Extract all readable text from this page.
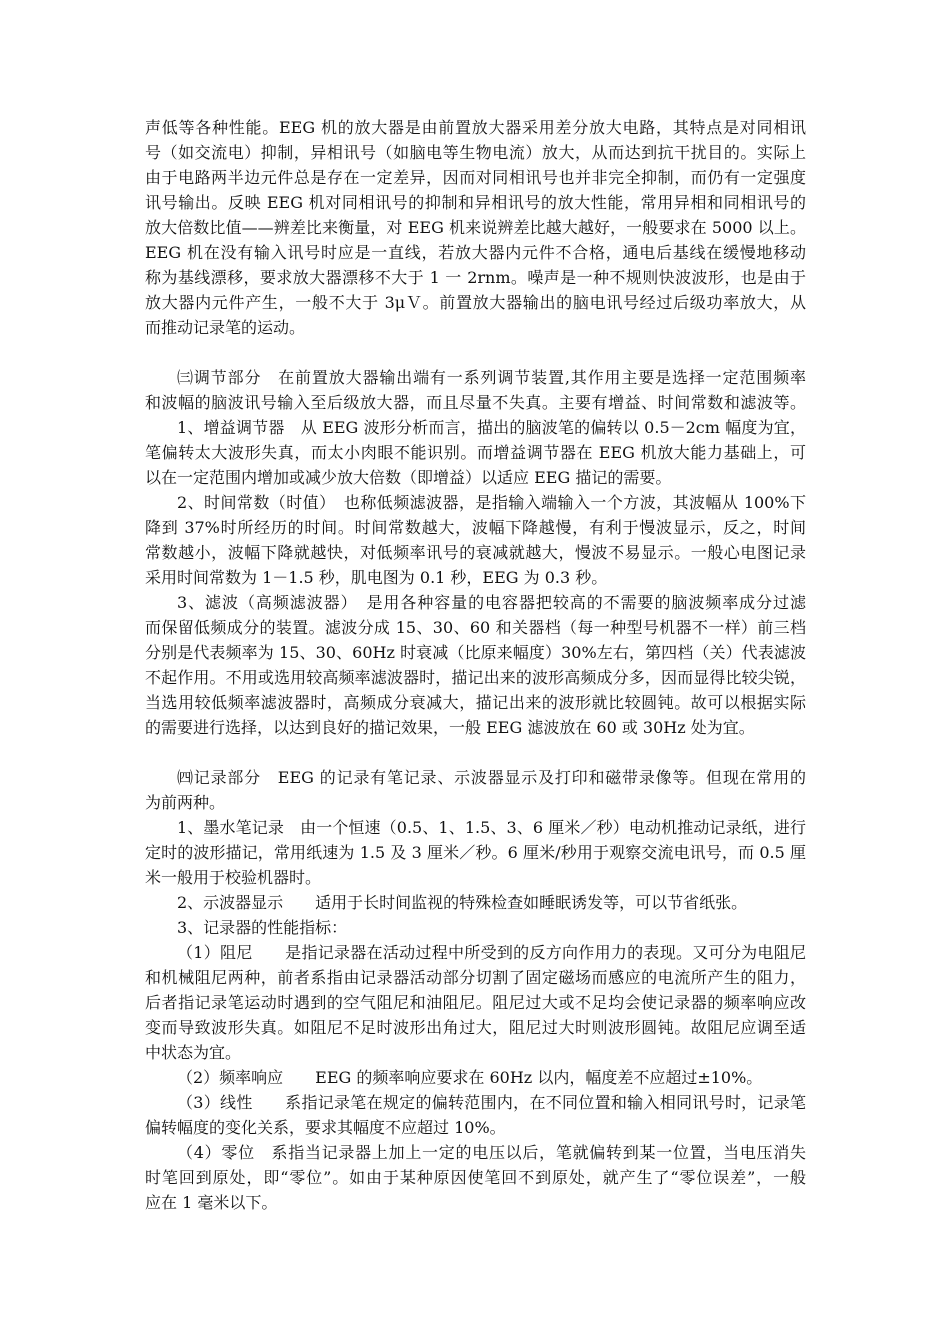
声低等各种性能。EEG 机的放大器是由前置放大器采用差分放大电路，其特点是对同相讯
号（如交流电）抑制，异相讯号（如脑电等生物电流）放大，从而达到抗干扰目的。实际上
由于电路两半边元件总是存在一定差异，因而对同相讯号也并非完全抑制，而仍有一定强度
讯号输出。反映 EEG 机对同相讯号的抑制和异相讯号的放大性能，常用异相和同相讯号的
放大倍数比值——辨差比来衡量，对 EEG 机来说辨差比越大越好，一般要求在 5000 以上。
EEG 机在没有输入讯号时应是一直线，若放大器内元件不合格，通电后基线在缓慢地移动
称为基线漂移，要求放大器漂移不大于 1 一 2rnm。噪声是一种不规则快波波形，也是由于
放大器内元件产生，一般不大于 3μＶ。前置放大器输出的脑电讯号经过后级功率放大，从
而推动记录笔的运动。
㈢调节部分　在前置放大器输出端有一系列调节装置,其作用主要是选择一定范围频率
和波幅的脑波讯号输入至后级放大器，而且尽量不失真。主要有增益、时间常数和滤波等。
1、增益调节器　从 EEG 波形分析而言，描出的脑波笔的偏转以 0.5－2cm 幅度为宜，
笔偏转太大波形失真，而太小肉眼不能识别。而增益调节器在 EEG 机放大能力基础上，可
以在一定范围内增加或减少放大倍数（即增益）以适应 EEG 描记的需要。
2、时间常数（时值）　也称低频滤波器，是指输入端输入一个方波，其波幅从 100%下
降到 37%时所经历的时间。时间常数越大，波幅下降越慢，有利于慢波显示，反之，时间
常数越小，波幅下降就越快，对低频率讯号的衰减就越大，慢波不易显示。一般心电图记录
采用时间常数为 1－1.5 秒，肌电图为 0.1 秒，EEG 为 0.3 秒。
3、滤波（高频滤波器）　是用各种容量的电容器把较高的不需要的脑波频率成分过滤
而保留低频成分的装置。滤波分成 15、30、60 和关器档（每一种型号机器不一样）前三档
分别是代表频率为 15、30、60Hz 时衰减（比原来幅度）30%左右，第四档（关）代表滤波
不起作用。不用或选用较高频率滤波器时，描记出来的波形高频成分多，因而显得比较尖锐，
当选用较低频率滤波器时，高频成分衰减大，描记出来的波形就比较圆钝。故可以根据实际
的需要进行选择，以达到良好的描记效果，一般 EEG 滤波放在 60 或 30Hz 处为宜。
㈣记录部分　EEG 的记录有笔记录、示波器显示及打印和磁带录像等。但现在常用的
为前两种。
1、墨水笔记录　由一个恒速（0.5、1、1.5、3、6 厘米／秒）电动机推动记录纸，进行
定时的波形描记，常用纸速为 1.5 及 3 厘米／秒。6 厘米/秒用于观察交流电讯号，而 0.5 厘
米一般用于校验机器时。
2、示波器显示　　适用于长时间监视的特殊检查如睡眠诱发等，可以节省纸张。
3、记录器的性能指标：
（1）阻尼　　是指记录器在活动过程中所受到的反方向作用力的表现。又可分为电阻尼
和机械阻尼两种，前者系指由记录器活动部分切割了固定磁场而感应的电流所产生的阻力，
后者指记录笔运动时遇到的空气阻尼和油阻尼。阻尼过大或不足均会使记录器的频率响应改
变而导致波形失真。如阻尼不足时波形出角过大，阻尼过大时则波形圆钝。故阻尼应调至适
中状态为宜。
（2）频率响应　　EEG 的频率响应要求在 60Hz 以内，幅度差不应超过±10%。
（3）线性　　系指记录笔在规定的偏转范围内，在不同位置和输入相同讯号时，记录笔
偏转幅度的变化关系，要求其幅度不应超过 10%。
（4）零位　系指当记录器上加上一定的电压以后，笔就偏转到某一位置，当电压消失
时笔回到原处，即“零位”。如由于某种原因使笔回不到原处，就产生了“零位误差”，一般
应在 1 毫米以下。
